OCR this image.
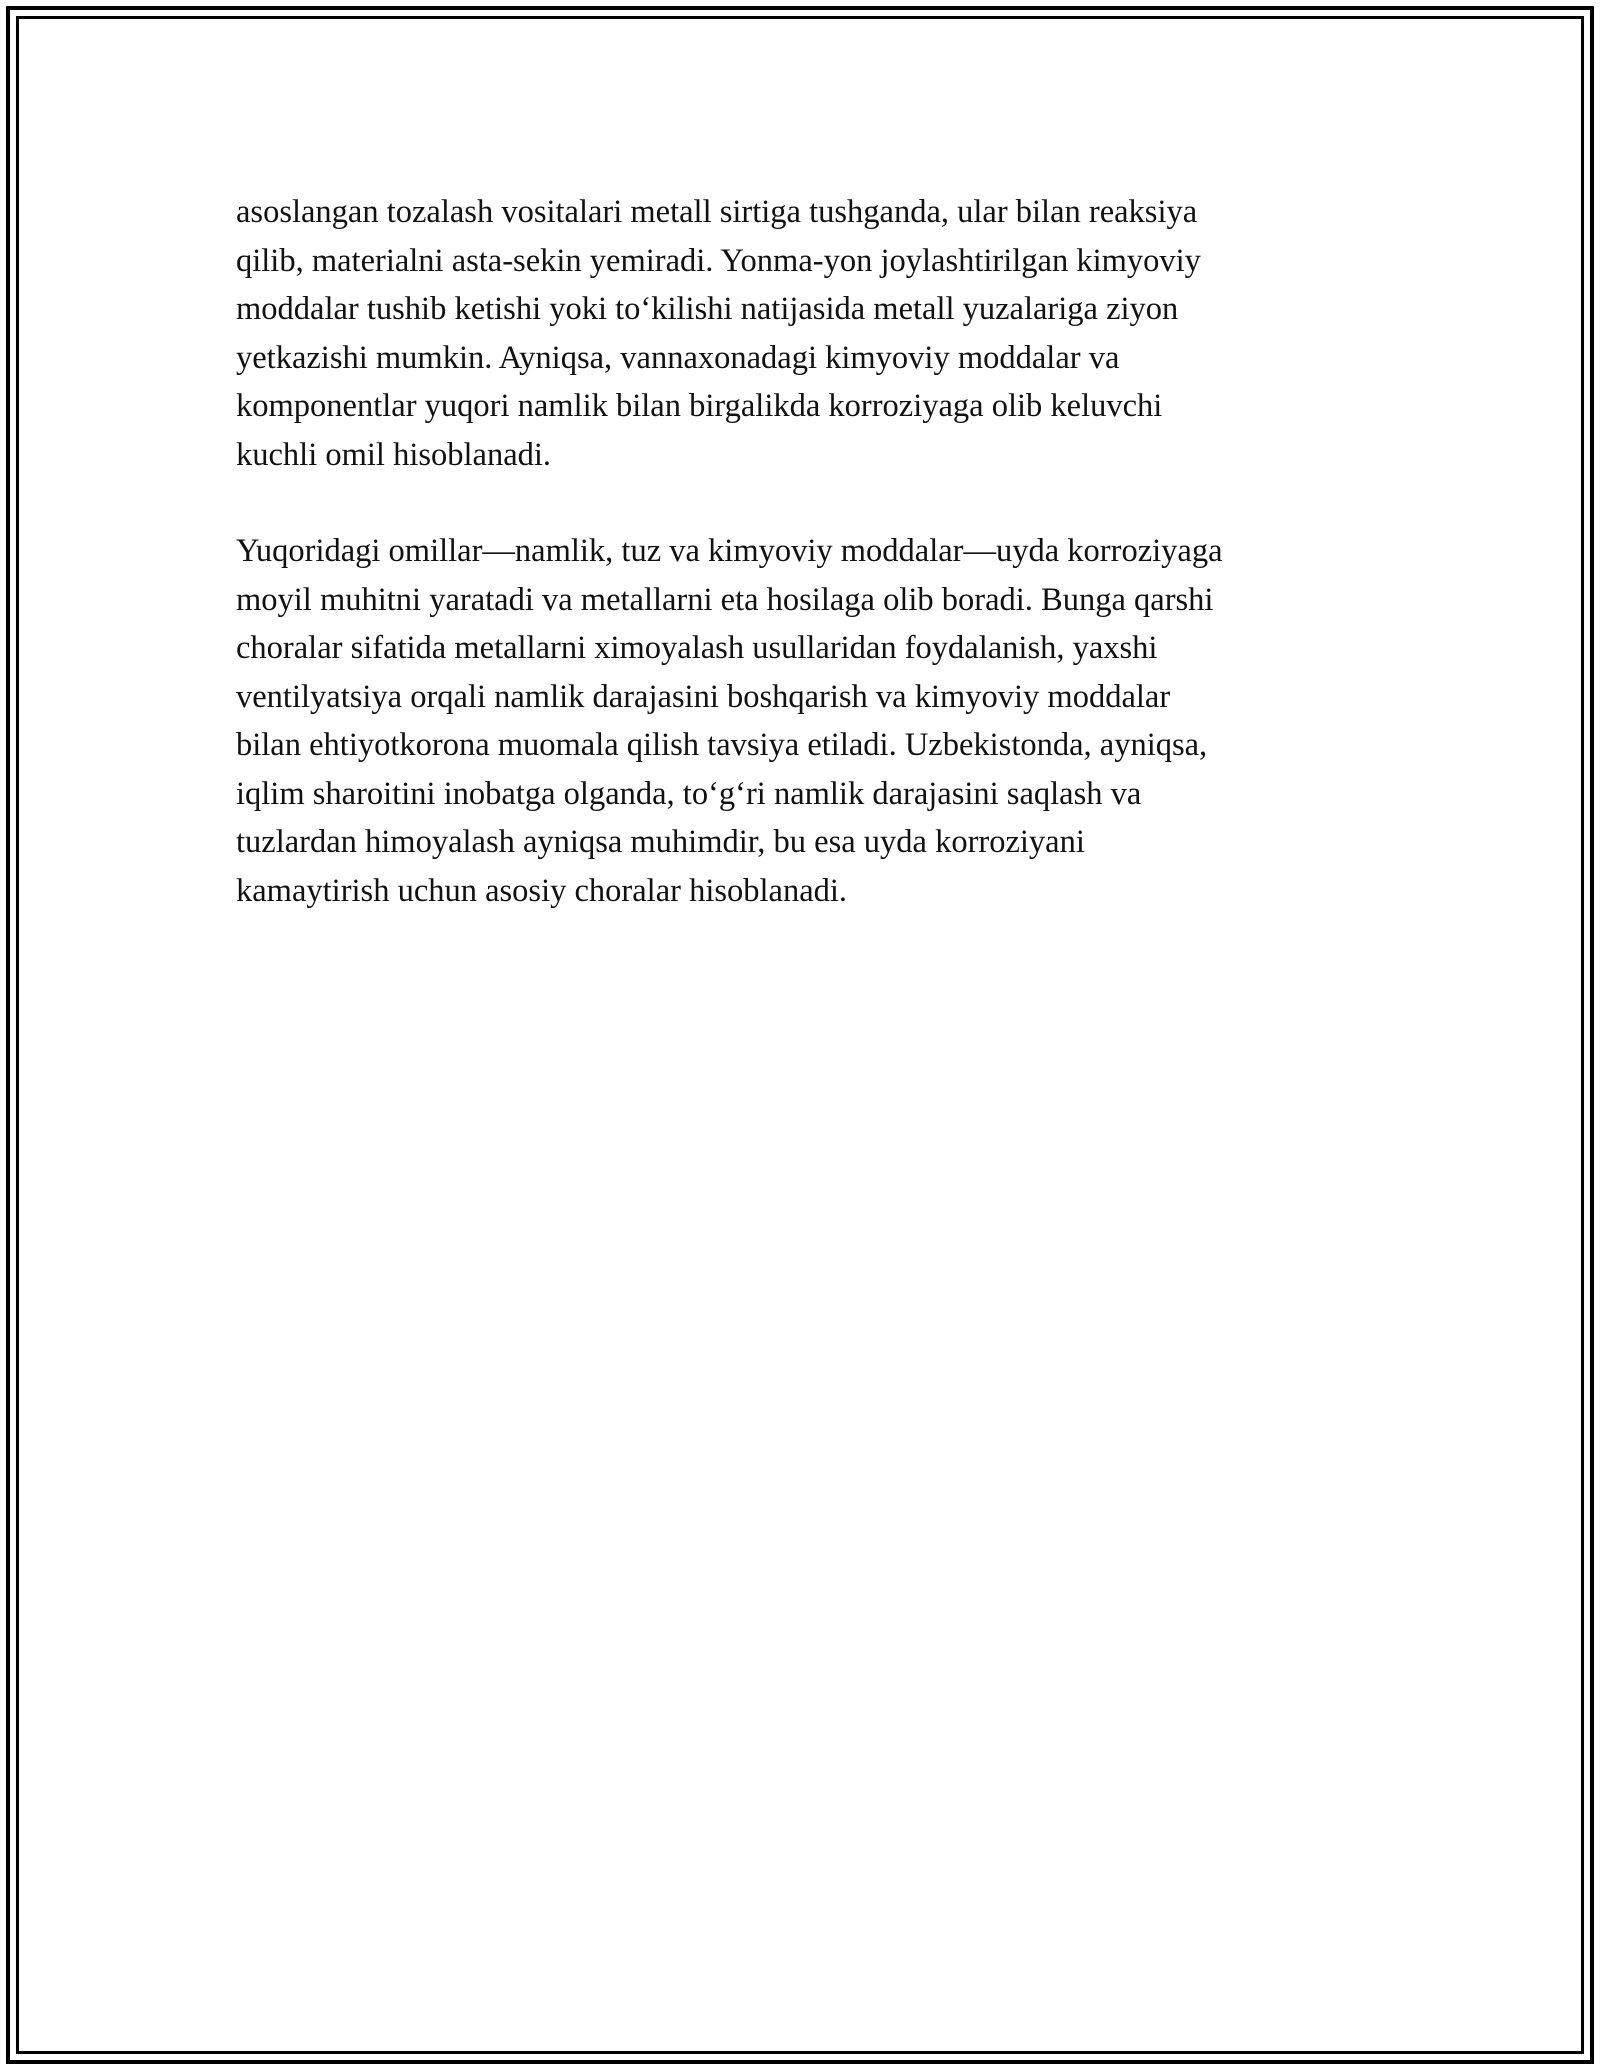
asoslangan tozalash vositalari metall sirtiga tushganda, ular bilan reaksiya
qilib, materialni asta-sekin yemiradi. Yonma-yon joylashtirilgan kimyoviy
moddalar tushib ketishi yoki to‘kilishi natijasida metall yuzalariga ziyon
yetkazishi mumkin. Ayniqsa, vannaxonadagi kimyoviy moddalar va
komponentlar yuqori namlik bilan birgalikda korroziyaga olib keluvchi
kuchli omil hisoblanadi.

Yuqoridagi omillar—namlik, tuz va kimyoviy moddalar—uyda korroziyaga
moyil muhitni yaratadi va metallarni eta hosilaga olib boradi. Bunga qarshi
choralar sifatida metallarni ximoyalash usullaridan foydalanish, yaxshi
ventilyatsiya orqali namlik darajasini boshqarish va kimyoviy moddalar
bilan ehtiyotkorona muomala qilish tavsiya etiladi. Uzbekistonda, ayniqsa,
iqlim sharoitini inobatga olganda, to‘g‘ri namlik darajasini saqlash va
tuzlardan himoyalash ayniqsa muhimdir, bu esa uyda korroziyani
kamaytirish uchun asosiy choralar hisoblanadi.
